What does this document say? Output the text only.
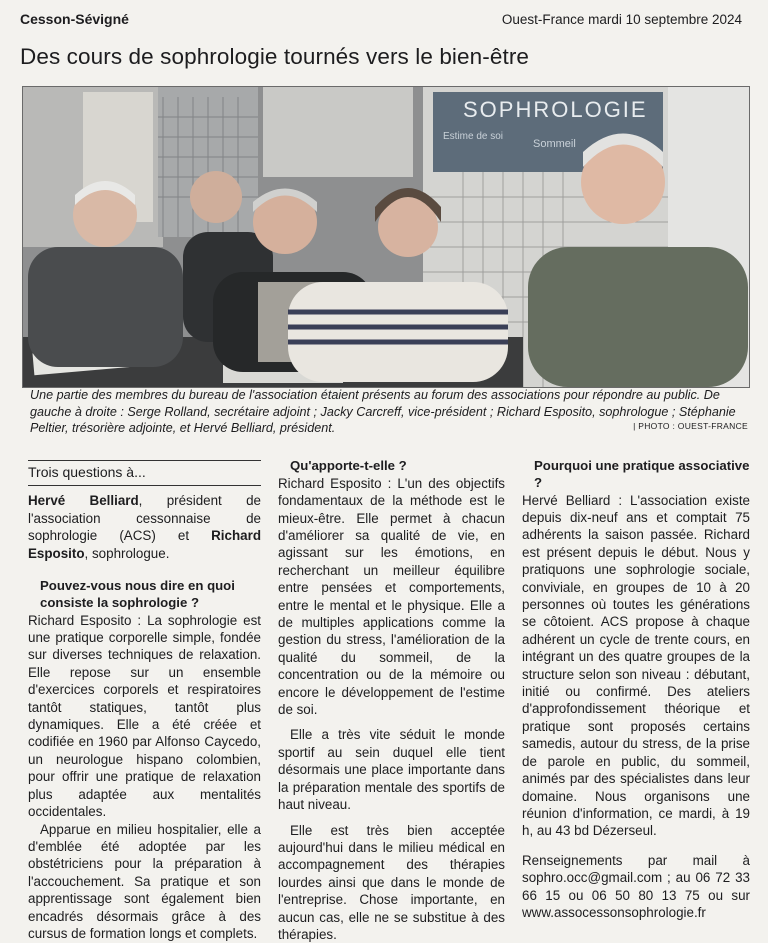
Cesson-Sévigné	Ouest-France mardi 10 septembre 2024
Des cours de sophrologie tournés vers le bien-être
SOPHROLOGIE
Estime de soi
Sommeil
Une partie des membres du bureau de l'association étaient présents au forum des associations pour répondre au public. De gauche à droite : Serge Rolland, secrétaire adjoint ; Jacky Carcreff, vice-président ; Richard Esposito, sophrologue ; Stéphanie Peltier, trésorière adjointe, et Hervé Belliard, président.	| PHOTO : OUEST-FRANCE

Trois questions à...

Hervé Belliard, président de l'association cessonnaise de sophrologie (ACS) et Richard Esposito, sophrologue.

Pouvez-vous nous dire en quoi consiste la sophrologie ?

Richard Esposito : La sophrologie est une pratique corporelle simple, fondée sur diverses techniques de relaxation. Elle repose sur un ensemble d'exercices corporels et respiratoires tantôt statiques, tantôt plus dynamiques. Elle a été créée et codifiée en 1960 par Alfonso Caycedo, un neurologue hispano colombien, pour offrir une pratique de relaxation plus adaptée aux mentalités occidentales.

Apparue en milieu hospitalier, elle a d'emblée été adoptée par les obstétriciens pour la préparation à l'accouchement. Sa pratique et son apprentissage sont également bien encadrés désormais grâce à des cursus de formation longs et complets.

Qu'apporte-t-elle ?

Richard Esposito : L'un des objectifs fondamentaux de la méthode est le mieux-être. Elle permet à chacun d'améliorer sa qualité de vie, en agissant sur les émotions, en recherchant un meilleur équilibre entre pensées et comportements, entre le mental et le physique. Elle a de multiples applications comme la gestion du stress, l'amélioration de la qualité du sommeil, de la concentration ou de la mémoire ou encore le développement de l'estime de soi.

Elle a très vite séduit le monde sportif au sein duquel elle tient désormais une place importante dans la préparation mentale des sportifs de haut niveau.

Elle est très bien acceptée aujourd'hui dans le milieu médical en accompagnement des thérapies lourdes ainsi que dans le monde de l'entreprise. Chose importante, en aucun cas, elle ne se substitue à des thérapies.

Pourquoi une pratique associative ?

Hervé Belliard : L'association existe depuis dix-neuf ans et comptait 75 adhérents la saison passée. Richard est présent depuis le début. Nous y pratiquons une sophrologie sociale, conviviale, en groupes de 10 à 20 personnes où toutes les générations se côtoient. ACS propose à chaque adhérent un cycle de trente cours, en intégrant un des quatre groupes de la structure selon son niveau : débutant, initié ou confirmé. Des ateliers d'approfondissement théorique et pratique sont proposés certains samedis, autour du stress, de la prise de parole en public, du sommeil, animés par des spécialistes dans leur domaine. Nous organisons une réunion d'information, ce mardi, à 19 h, au 43 bd Dézerseul.

Renseignements par mail à sophro.occ@gmail.com ; au 06 72 33 66 15 ou 06 50 80 13 75 ou sur www.assocessonsophrologie.fr
